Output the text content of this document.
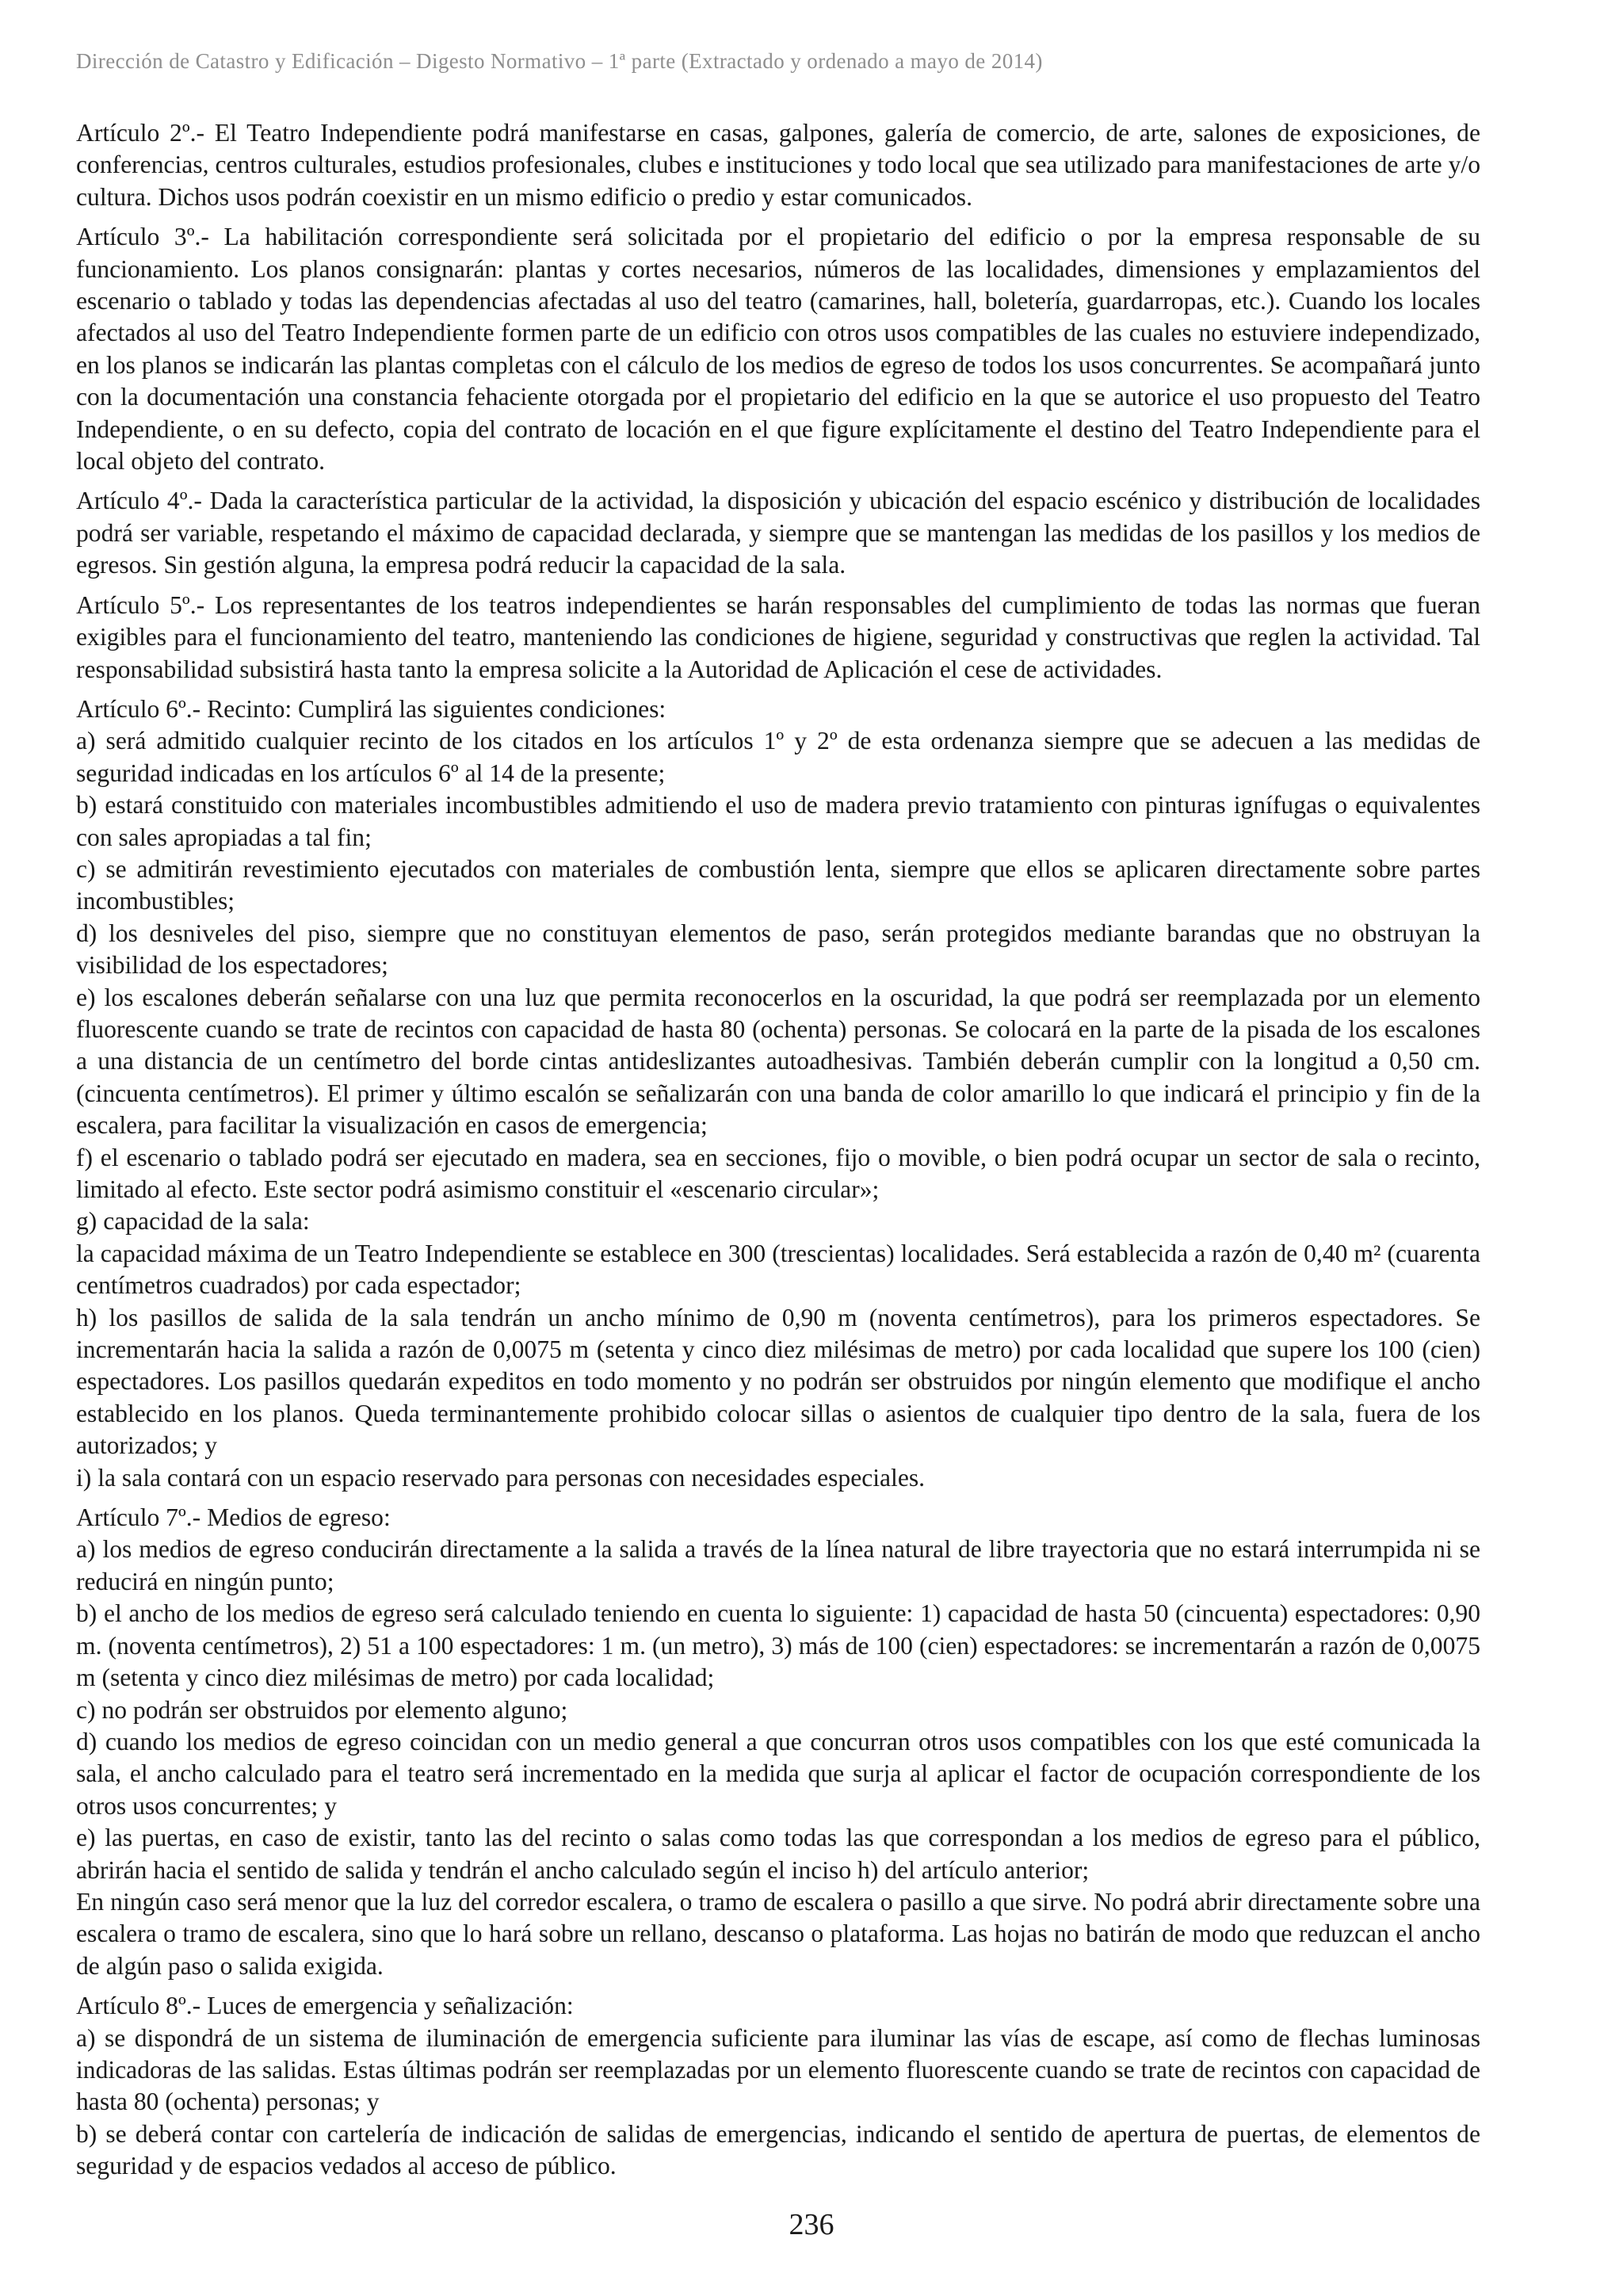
Dirección de Catastro y Edificación – Digesto Normativo – 1ª parte (Extractado y ordenado a mayo de 2014)

Artículo 2º.- El Teatro Independiente podrá manifestarse en casas, galpones, galería de comercio, de arte, salones de exposiciones, de conferencias, centros culturales, estudios profesionales, clubes e instituciones y todo local que sea utilizado para manifestaciones de arte y/o cultura. Dichos usos podrán coexistir en un mismo edificio o predio y estar comunicados.

Artículo 3º.- La habilitación correspondiente será solicitada por el propietario del edificio o por la empresa responsable de su funcionamiento. Los planos consignarán: plantas y cortes necesarios, números de las localidades, dimensiones y emplazamientos del escenario o tablado y todas las dependencias afectadas al uso del teatro (camarines, hall, boletería, guardarropas, etc.). Cuando los locales afectados al uso del Teatro Independiente formen parte de un edificio con otros usos compatibles de las cuales no estuviere independizado, en los planos se indicarán las plantas completas con el cálculo de los medios de egreso de todos los usos concurrentes. Se acompañará junto con la documentación una constancia fehaciente otorgada por el propietario del edificio en la que se autorice el uso propuesto del Teatro Independiente, o en su defecto, copia del contrato de locación en el que figure explícitamente el destino del Teatro Independiente para el local objeto del contrato.

Artículo 4º.- Dada la característica particular de la actividad, la disposición y ubicación del espacio escénico y distribución de localidades podrá ser variable, respetando el máximo de capacidad declarada, y siempre que se mantengan las medidas de los pasillos y los medios de egresos. Sin gestión alguna, la empresa podrá reducir la capacidad de la sala.

Artículo 5º.- Los representantes de los teatros independientes se harán responsables del cumplimiento de todas las normas que fueran exigibles para el funcionamiento del teatro, manteniendo las condiciones de higiene, seguridad y constructivas que reglen la actividad. Tal responsabilidad subsistirá hasta tanto la empresa solicite a la Autoridad de Aplicación el cese de actividades.

Artículo 6º.- Recinto: Cumplirá las siguientes condiciones:

a) será admitido cualquier recinto de los citados en los artículos 1º y 2º de esta ordenanza siempre que se adecuen a las medidas de seguridad indicadas en los artículos 6º al 14 de la presente;

b) estará constituido con materiales incombustibles admitiendo el uso de madera previo tratamiento con pinturas ignífugas o equivalentes con sales apropiadas a tal fin;

c) se admitirán revestimiento ejecutados con materiales de combustión lenta, siempre que ellos se aplicaren directamente sobre partes incombustibles;

d) los desniveles del piso, siempre que no constituyan elementos de paso, serán protegidos mediante barandas que no obstruyan la visibilidad de los espectadores;

e) los escalones deberán señalarse con una luz que permita reconocerlos en la oscuridad, la que podrá ser reemplazada por un elemento fluorescente cuando se trate de recintos con capacidad de hasta 80 (ochenta) personas. Se colocará en la parte de la pisada de los escalones a una distancia de un centímetro del borde cintas antideslizantes autoadhesivas. También deberán cumplir con la longitud a 0,50 cm. (cincuenta centímetros). El primer y último escalón se señalizarán con una banda de color amarillo lo que indicará el principio y fin de la escalera, para facilitar la visualización en casos de emergencia;

f) el escenario o tablado podrá ser ejecutado en madera, sea en secciones, fijo o movible, o bien podrá ocupar un sector de sala o recinto, limitado al efecto. Este sector podrá asimismo constituir el «escenario circular»;

g) capacidad de la sala:

la capacidad máxima de un Teatro Independiente se establece en 300 (trescientas) localidades. Será establecida a razón de 0,40 m² (cuarenta centímetros cuadrados) por cada espectador;

h) los pasillos de salida de la sala tendrán un ancho mínimo de 0,90 m (noventa centímetros), para los primeros espectadores. Se incrementarán hacia la salida a razón de 0,0075 m (setenta y cinco diez milésimas de metro) por cada localidad que supere los 100 (cien) espectadores. Los pasillos quedarán expeditos en todo momento y no podrán ser obstruidos por ningún elemento que modifique el ancho establecido en los planos. Queda terminantemente prohibido colocar sillas o asientos de cualquier tipo dentro de la sala, fuera de los autorizados; y

i) la sala contará con un espacio reservado para personas con necesidades especiales.

Artículo 7º.- Medios de egreso:

a) los medios de egreso conducirán directamente a la salida a través de la línea natural de libre trayectoria que no estará interrumpida ni se reducirá en ningún punto;

b) el ancho de los medios de egreso será calculado teniendo en cuenta lo siguiente: 1) capacidad de hasta 50 (cincuenta) espectadores: 0,90 m. (noventa centímetros), 2) 51 a 100 espectadores: 1 m. (un metro), 3) más de 100 (cien) espectadores: se incrementarán a razón de 0,0075 m (setenta y cinco diez milésimas de metro) por cada localidad;

c) no podrán ser obstruidos por elemento alguno;

d) cuando los medios de egreso coincidan con un medio general a que concurran otros usos compatibles con los que esté comunicada la sala, el ancho calculado para el teatro será incrementado en la medida que surja al aplicar el factor de ocupación correspondiente de los otros usos concurrentes; y

e) las puertas, en caso de existir, tanto las del recinto o salas como todas las que correspondan a los medios de egreso para el público, abrirán hacia el sentido de salida y tendrán el ancho calculado según el inciso h) del artículo anterior;

En ningún caso será menor que la luz del corredor escalera, o tramo de escalera o pasillo a que sirve. No podrá abrir directamente sobre una escalera o tramo de escalera, sino que lo hará sobre un rellano, descanso o plataforma. Las hojas no batirán de modo que reduzcan el ancho de algún paso o salida exigida.

Artículo 8º.- Luces de emergencia y señalización:

a) se dispondrá de un sistema de iluminación de emergencia suficiente para iluminar las vías de escape, así como de flechas luminosas indicadoras de las salidas. Estas últimas podrán ser reemplazadas por un elemento fluorescente cuando se trate de recintos con capacidad de hasta 80 (ochenta) personas; y

b) se deberá contar con cartelería de indicación de salidas de emergencias, indicando el sentido de apertura de puertas, de elementos de seguridad y de espacios vedados al acceso de público.

236
